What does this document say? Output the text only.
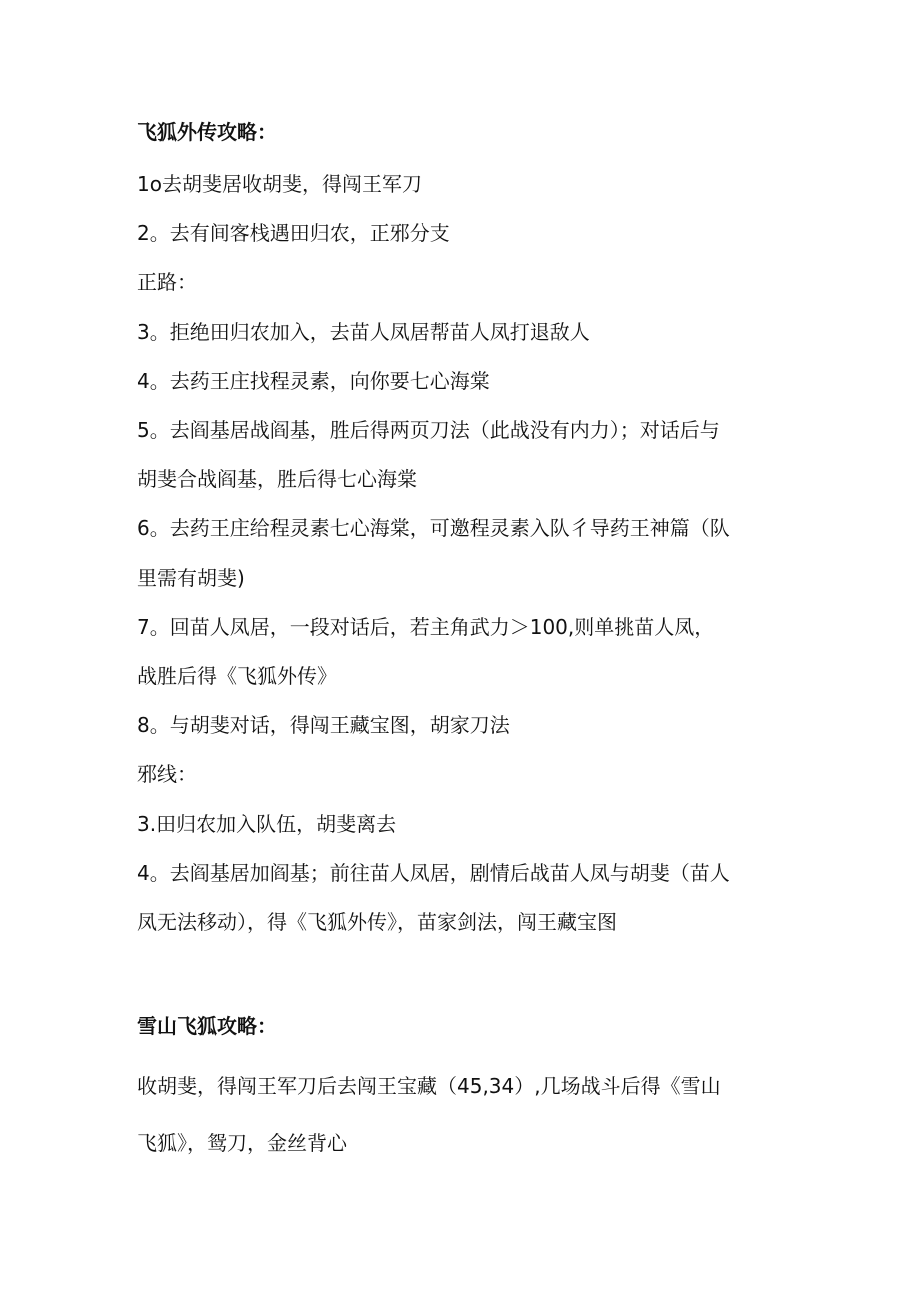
飞狐外传攻略：

1o去胡斐居收胡斐，得闯王军刀

2。去有间客栈遇田归农，正邪分支

正路：

3。拒绝田归农加入，去苗人凤居帮苗人凤打退敌人

4。去药王庄找程灵素，向你要七心海棠

5。去阎基居战阎基，胜后得两页刀法（此战没有内力）；对话后与

胡斐合战阎基，胜后得七心海棠

6。去药王庄给程灵素七心海棠，可邀程灵素入队彳导药王神篇（队

里需有胡斐)

7。回苗人凤居，一段对话后，若主角武力＞100,则单挑苗人凤，

战胜后得《飞狐外传》

8。与胡斐对话，得闯王藏宝图，胡家刀法

邪线：

3.田归农加入队伍，胡斐离去

4。去阎基居加阎基；前往苗人凤居，剧情后战苗人凤与胡斐（苗人

凤无法移动），得《飞狐外传》，苗家剑法，闯王藏宝图

雪山飞狐攻略：

收胡斐，得闯王军刀后去闯王宝藏（45,34）,几场战斗后得《雪山

飞狐》，鸳刀，金丝背心
